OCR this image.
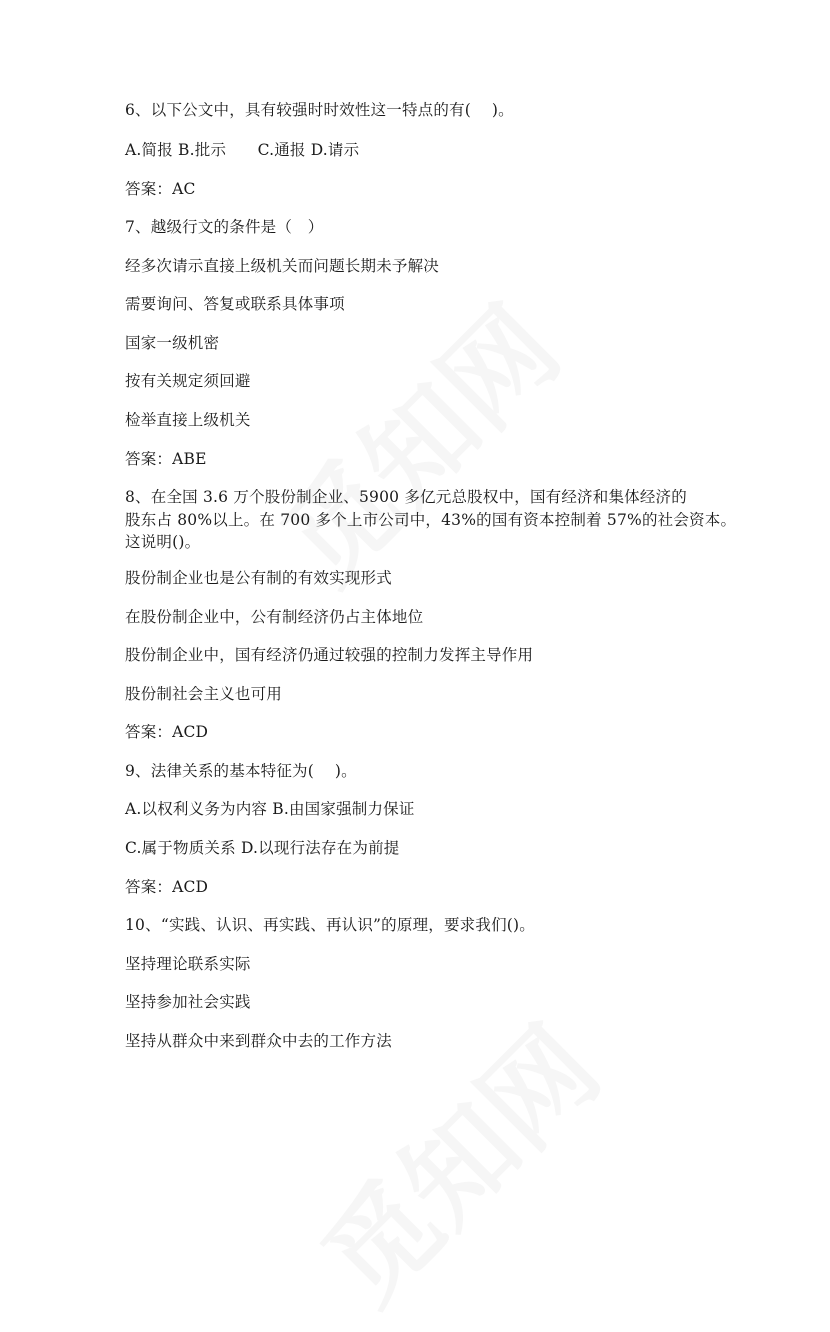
6、以下公文中，具有较强时时效性这一特点的有(　 )。
A.简报 B.批示　　C.通报 D.请示
答案：AC
7、越级行文的条件是（　）
经多次请示直接上级机关而问题长期未予解决
需要询问、答复或联系具体事项
国家一级机密
按有关规定须回避
检举直接上级机关
答案：ABE
8、在全国 3.6 万个股份制企业、5900 多亿元总股权中，国有经济和集体经济的
股东占 80%以上。在 700 多个上市公司中，43%的国有资本控制着 57%的社会资本。
这说明()。
股份制企业也是公有制的有效实现形式
在股份制企业中，公有制经济仍占主体地位
股份制企业中，国有经济仍通过较强的控制力发挥主导作用
股份制社会主义也可用
答案：ACD
9、法律关系的基本特征为(　 )。
A.以权利义务为内容 B.由国家强制力保证
C.属于物质关系 D.以现行法存在为前提
答案：ACD
10、“实践、认识、再实践、再认识”的原理，要求我们()。
坚持理论联系实际
坚持参加社会实践
坚持从群众中来到群众中去的工作方法
